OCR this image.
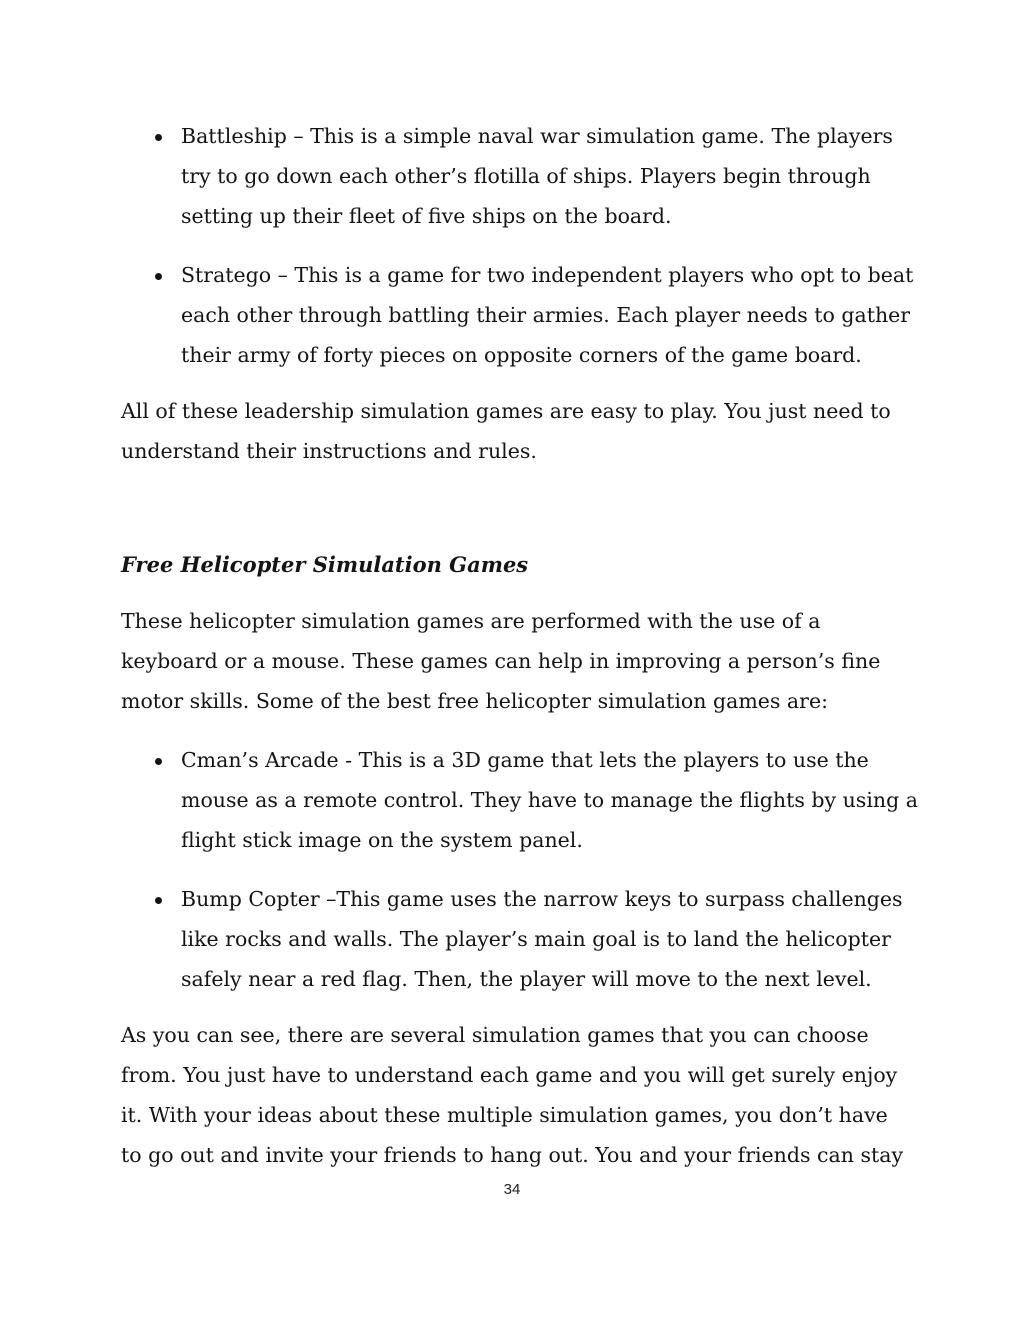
Battleship – This is a simple naval war simulation game. The players
try to go down each other’s flotilla of ships. Players begin through
setting up their fleet of five ships on the board.
Stratego – This is a game for two independent players who opt to beat
each other through battling their armies. Each player needs to gather
their army of forty pieces on opposite corners of the game board.
All of these leadership simulation games are easy to play. You just need to
understand their instructions and rules.
Free Helicopter Simulation Games
These helicopter simulation games are performed with the use of a
keyboard or a mouse. These games can help in improving a person’s fine
motor skills. Some of the best free helicopter simulation games are:
Cman’s Arcade - This is a 3D game that lets the players to use the
mouse as a remote control. They have to manage the flights by using a
flight stick image on the system panel.
Bump Copter –This game uses the narrow keys to surpass challenges
like rocks and walls. The player’s main goal is to land the helicopter
safely near a red flag. Then, the player will move to the next level.
As you can see, there are several simulation games that you can choose
from. You just have to understand each game and you will get surely enjoy
it. With your ideas about these multiple simulation games, you don’t have
to go out and invite your friends to hang out. You and your friends can stay
34
